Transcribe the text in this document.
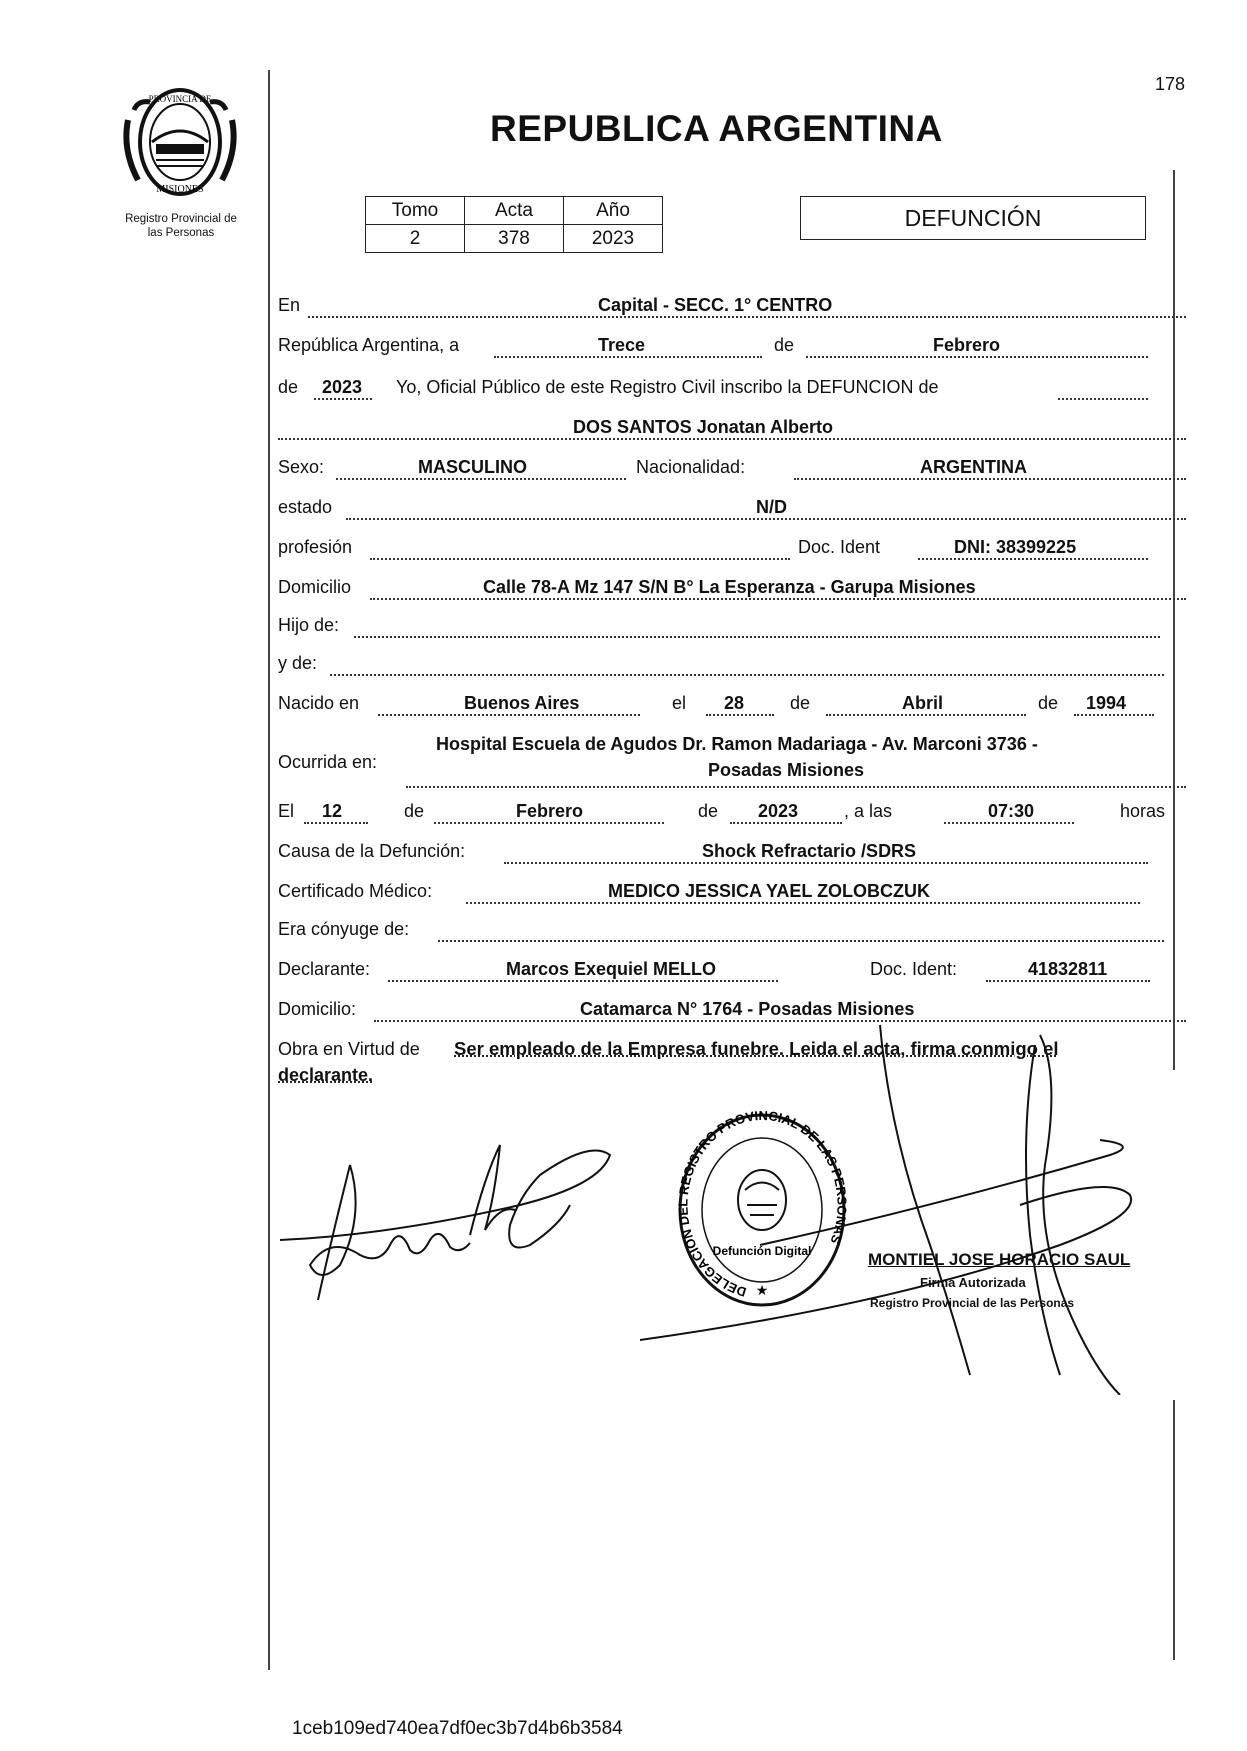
178
PROVINCIA DE
MISIONES
Registro Provincial de
las Personas
REPUBLICA ARGENTINA
Tomo	Acta	Año
2	378	2023
DEFUNCIÓN
En	Capital - SECC. 1° CENTRO
República Argentina, a	Trece	de	Febrero
de 2023 Yo, Oficial Público de este Registro Civil inscribo la DEFUNCION de
DOS SANTOS Jonatan Alberto
Sexo:	MASCULINO	Nacionalidad:	ARGENTINA
estado	N/D
profesión	Doc. Ident	DNI: 38399225
Domicilio	Calle 78-A Mz 147 S/N B° La Esperanza - Garupa Misiones
Hijo de:
y de:
Nacido en	Buenos Aires	el 28	de	Abril	de 1994
Ocurrida en:
Hospital Escuela de Agudos Dr. Ramon Madariaga - Av. Marconi 3736 -
Posadas Misiones
El 12	de	Febrero	de 2023	, a las	07:30	horas
Causa de la Defunción:	Shock Refractario /SDRS
Certificado Médico:	MEDICO JESSICA YAEL ZOLOBCZUK
Era cónyuge de:
Declarante:	Marcos Exequiel MELLO	Doc. Ident:	41832811
Domicilio:	Catamarca N° 1764 - Posadas Misiones
Obra en Virtud de Ser empleado de la Empresa funebre. Leida el acta, firma conmigo el
declarante.
DELEGACION DEL REGISTRO PROVINCIAL DE LAS PERSONAS
Defunción Digital
★
MONTIEL JOSE HORACIO SAUL
Firma Autorizada
Registro Provincial de las Personas
1ceb109ed740ea7df0ec3b7d4b6b3584
